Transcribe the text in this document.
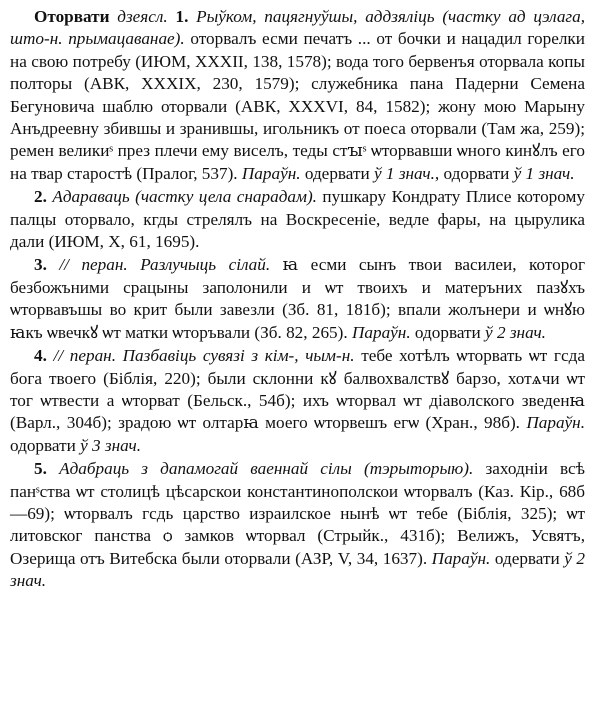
Оторвати дзеясл. 1. Рыўком, пацягнуўшы, аддзяліць (частку ад цэлага, што-н. прымацаванае). оторвалъ есми печатъ ... от бочки и нацадил горелки на свою потребу (ИЮМ, XXXII, 138, 1578); вода того бервенъя оторвала копы полторы (АВК, XXXIX, 230, 1579); служебника пана Падерни Семена Бегуновича шаблю оторвали (АВК, XXXVI, 84, 1582); жону мою Марыну Анъдреевну збившы и зранившы, игольникъ от поеса оторвали (Там жа, 259); ремен великиˢ през плечи ему виселъ, теды стꙑˢ ѡторвавши ѡного кинꙋлъ его на твар старостѣ (Пралог, 537). Параўн. одервати ў 1 знач., одорвати ў 1 знач.

2. Адараваць (частку цела снарадам). пушкару Кондрату Плисе которому палцы оторвало, кгды стрелялъ на Воскресеніе, ведле фары, на цырулика дали (ИЮМ, X, 61, 1695).

3. // перан. Разлучыць сілай. ꙗ есми сынъ твои василеи, которог безбожъними срацыны заполонили и ѡт твоихъ и матеръних пазꙋхъ ѡторвавъшы во крит были завезли (Зб. 81, 181б); впали жолънери и ѡнꙋю ꙗкъ ѡвечкꙋ ѡт матки ѡторъвали (Зб. 82, 265). Параўн. одорвати ў 2 знач.

4. // перан. Пазбавіць сувязі з кім-, чым-н. тебе хотѣлъ ѡторвать ѡт гсда бога твоего (Біблія, 220); были склонни кꙋ балвохвалствꙋ барзо, хотѧчи ѡт тог ѡтвести а ѡторват (Бельск., 54б); ихъ ѡторвал ѡт діаволского зведенꙗ (Варл., 304б); зрадою ѡт олтарꙗ моего ѡторвешъ егѡ (Хран., 98б). Параўн. одорвати ў 3 знач.

5. Адабраць з дапамогай ваеннай сілы (тэрыторыю). заходніи всѣ панˢства ѡт столицѣ цѣсарскои константинополскои ѡторвалъ (Каз. Кір., 68б—69); ѡторвалъ гсдь царство израилское нынѣ ѡт тебе (Біблія, 325); ѡт литовског панства ѻ замков ѡторвал (Стрыйк., 431б); Велижъ, Усвятъ, Озерища отъ Витебска были оторвали (АЗР, V, 34, 1637). Параўн. одервати ў 2 знач.
